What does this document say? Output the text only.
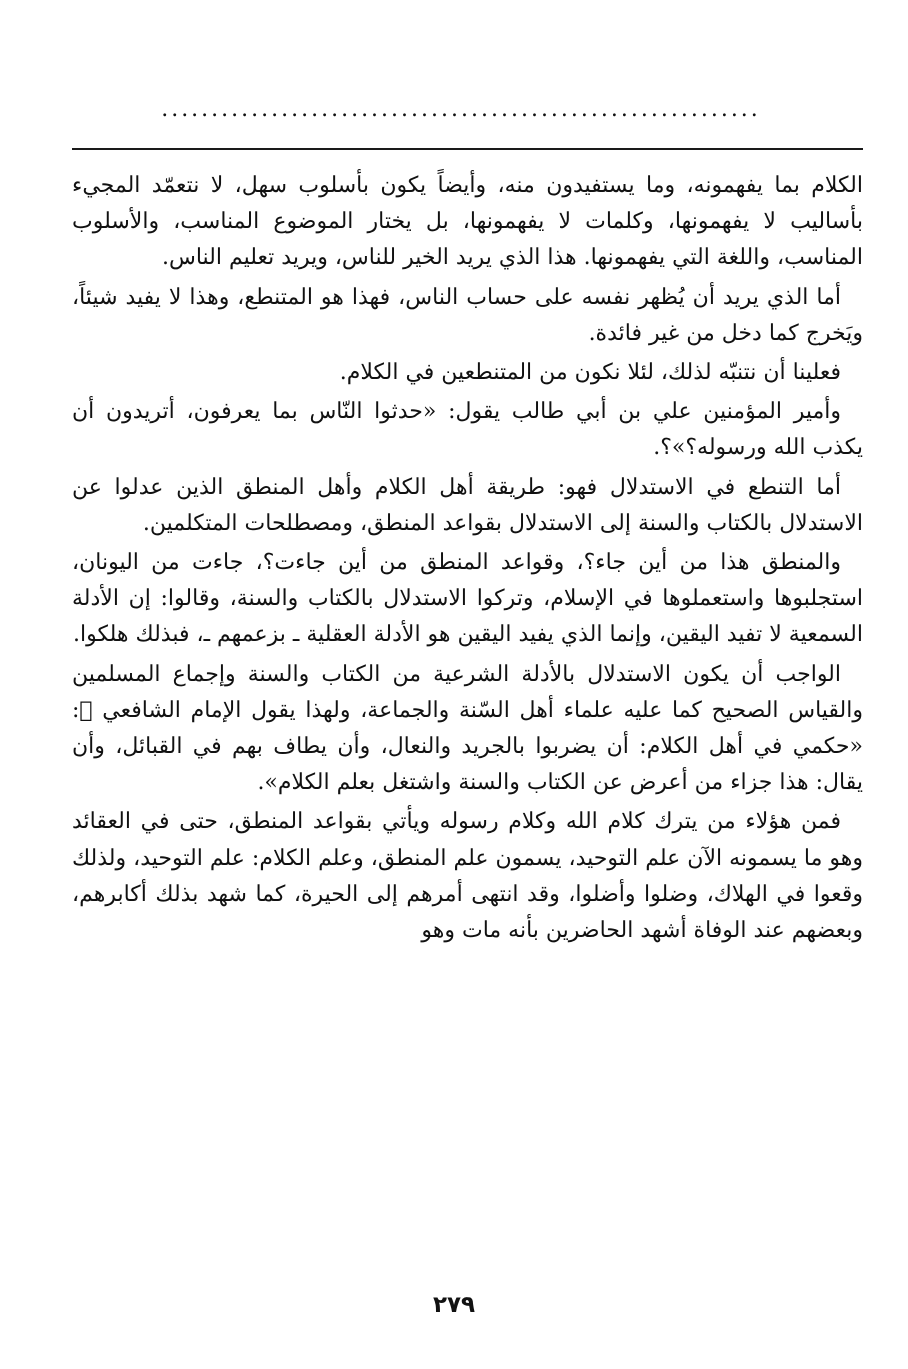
............................................................

الكلام بما يفهمونه، وما يستفيدون منه، وأيضاً يكون بأسلوب سهل، لا نتعمّد المجيء بأساليب لا يفهمونها، وكلمات لا يفهمونها، بل يختار الموضوع المناسب، والأسلوب المناسب، واللغة التي يفهمونها. هذا الذي يريد الخير للناس، ويريد تعليم الناس.

أما الذي يريد أن يُظهر نفسه على حساب الناس، فهذا هو المتنطع، وهذا لا يفيد شيئاً، ويَخرج كما دخل من غير فائدة.

فعلينا أن نتنبّه لذلك، لئلا نكون من المتنطعين في الكلام.

وأمير المؤمنين علي بن أبي طالب يقول: «حدثوا النّاس بما يعرفون، أتريدون أن يكذب الله ورسوله؟»؟.

أما التنطع في الاستدلال فهو: طريقة أهل الكلام وأهل المنطق الذين عدلوا عن الاستدلال بالكتاب والسنة إلى الاستدلال بقواعد المنطق، ومصطلحات المتكلمين.

والمنطق هذا من أين جاء؟، وقواعد المنطق من أين جاءت؟، جاءت من اليونان، استجلبوها واستعملوها في الإسلام، وتركوا الاستدلال بالكتاب والسنة، وقالوا: إن الأدلة السمعية لا تفيد اليقين، وإنما الذي يفيد اليقين هو الأدلة العقلية ـ بزعمهم ـ، فبذلك هلكوا.

الواجب أن يكون الاستدلال بالأدلة الشرعية من الكتاب والسنة وإجماع المسلمين والقياس الصحيح كما عليه علماء أهل السّنة والجماعة، ولهذا يقول الإمام الشافعي ﷬: «حكمي في أهل الكلام: أن يضربوا بالجريد والنعال، وأن يطاف بهم في القبائل، وأن يقال: هذا جزاء من أعرض عن الكتاب والسنة واشتغل بعلم الكلام».

فمن هؤلاء من يترك كلام الله وكلام رسوله ويأتي بقواعد المنطق، حتى في العقائد وهو ما يسمونه الآن علم التوحيد، يسمون علم المنطق، وعلم الكلام: علم التوحيد، ولذلك وقعوا في الهلاك، وضلوا وأضلوا، وقد انتهى أمرهم إلى الحيرة، كما شهد بذلك أكابرهم، وبعضهم عند الوفاة أشهد الحاضرين بأنه مات وهو

٢٧٩
